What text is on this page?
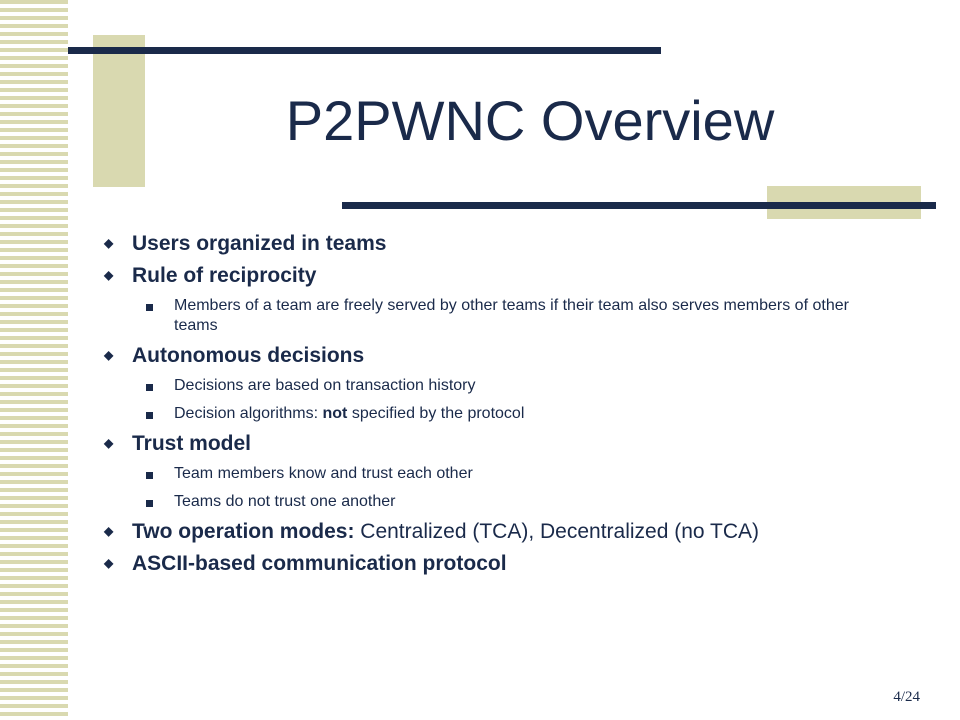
P2PWNC Overview
◆ Users organized in teams
◆ Rule of reciprocity
Members of a team are freely served by other teams if their team also serves members of other teams
◆ Autonomous decisions
Decisions are based on transaction history
Decision algorithms: not specified by the protocol
◆ Trust model
Team members know and trust each other
Teams do not trust one another
◆ Two operation modes: Centralized (TCA), Decentralized (no TCA)
◆ ASCII-based communication protocol
4/24
